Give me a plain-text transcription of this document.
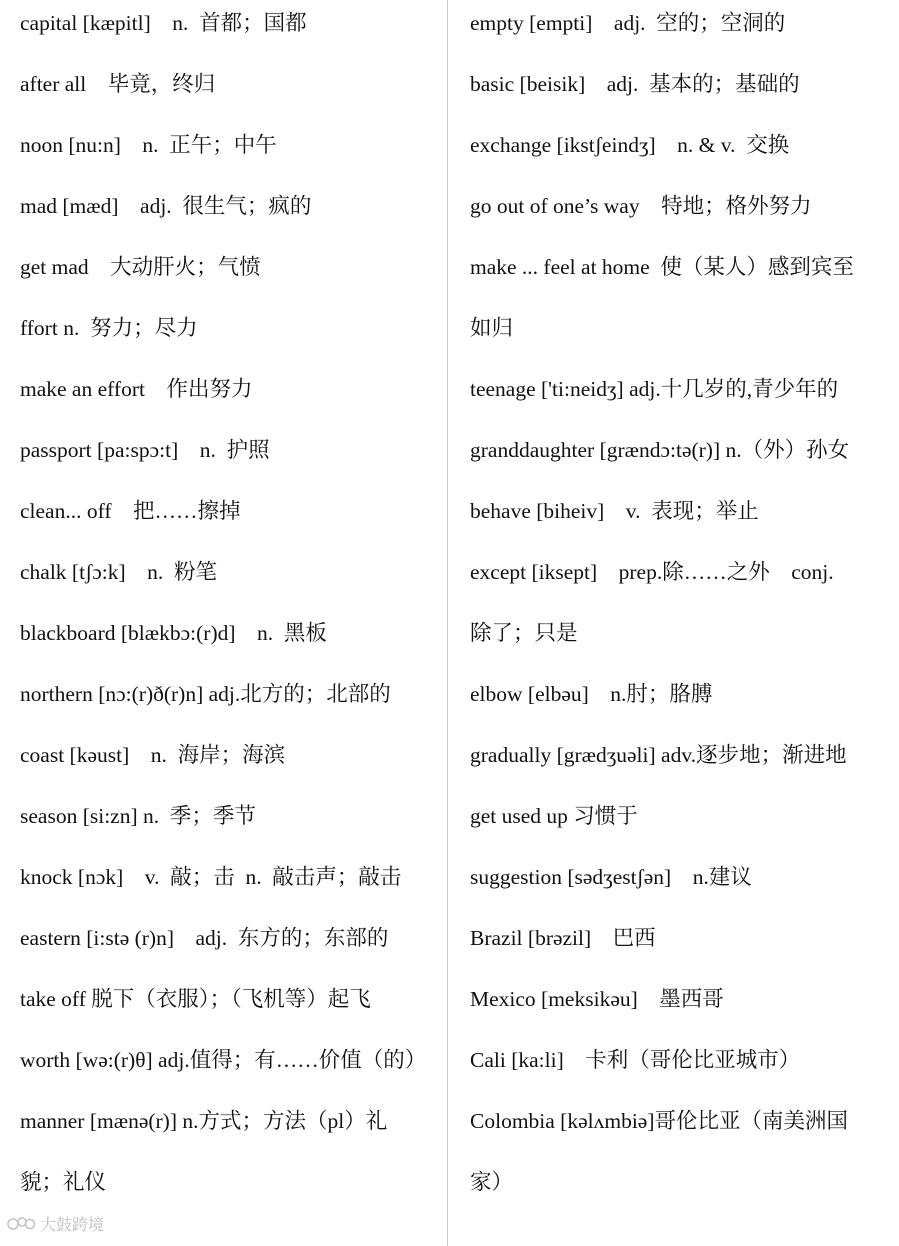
capital [kæpitl]    n.  首都；国都
after all    毕竟，终归
noon [nu:n]    n.  正午；中午
mad [mæd]    adj.  很生气；疯的
get mad    大动肝火；气愤
ffort n.  努力；尽力
make an effort    作出努力
passport [pa:spɔ:t]    n.  护照
clean... off    把……擦掉
chalk [tʃɔ:k]    n.  粉笔
blackboard [blækbɔ:(r)d]    n.  黑板
northern [nɔ:(r)ð(r)n] adj.北方的；北部的
coast [kəust]    n.  海岸；海滨
season [si:zn] n.  季；季节
knock [nɔk]    v.  敲；击  n.  敲击声；敲击
eastern [i:stə (r)n]    adj.  东方的；东部的
take off 脱下（衣服）；（飞机等）起飞
worth [wə:(r)θ] adj.值得；有……价值（的）
manner [mænə(r)] n.方式；方法（pl）礼
貌；礼仪
empty [empti]    adj.  空的；空洞的
basic [beisik]    adj.  基本的；基础的
exchange [ikstʃeindʒ]    n. & v.  交换
go out of one’s way    特地；格外努力
make ... feel at home  使（某人）感到宾至
如归
teenage ['ti:neidʒ] adj.十几岁的,青少年的
granddaughter [grændɔ:tə(r)] n.（外）孙女
behave [biheiv]    v.  表现；举止
except [iksept]    prep.除……之外    conj.
除了；只是
elbow [elbəu]    n.肘；胳膊
gradually [grædʒuəli] adv.逐步地；渐进地
get used up 习惯于
suggestion [sədʒestʃən]    n.建议
Brazil [brəzil]    巴西
Mexico [meksikəu]    墨西哥
Cali [ka:li]    卡利（哥伦比亚城市）
Colombia [kəlʌmbiə]哥伦比亚（南美洲国
家）
大鼓跨境
